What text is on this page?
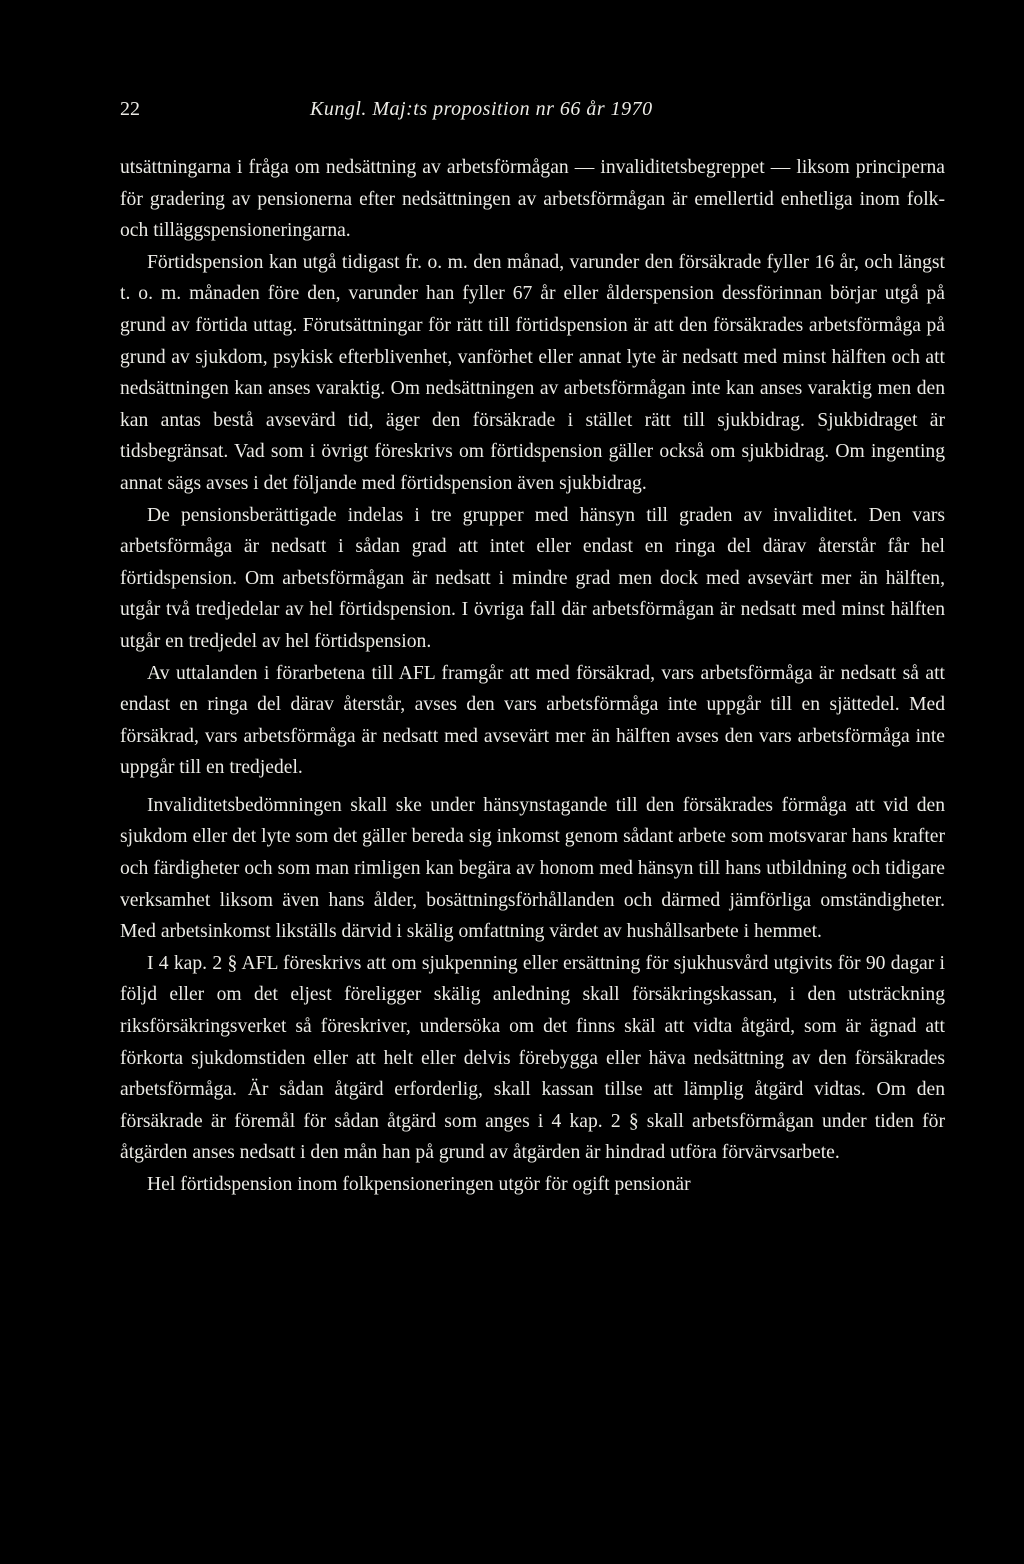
22	Kungl. Maj:ts proposition nr 66 år 1970

utsättningarna i fråga om nedsättning av arbetsförmågan — invaliditetsbegreppet — liksom principerna för gradering av pensionerna efter nedsättningen av arbetsförmågan är emellertid enhetliga inom folk- och tilläggspensioneringarna.

Förtidspension kan utgå tidigast fr. o. m. den månad, varunder den försäkrade fyller 16 år, och längst t. o. m. månaden före den, varunder han fyller 67 år eller ålderspension dessförinnan börjar utgå på grund av förtida uttag. Förutsättningar för rätt till förtidspension är att den försäkrades arbetsförmåga på grund av sjukdom, psykisk efterblivenhet, vanförhet eller annat lyte är nedsatt med minst hälften och att nedsättningen kan anses varaktig. Om nedsättningen av arbetsförmågan inte kan anses varaktig men den kan antas bestå avsevärd tid, äger den försäkrade i stället rätt till sjukbidrag. Sjukbidraget är tidsbegränsat. Vad som i övrigt föreskrivs om förtidspension gäller också om sjukbidrag. Om ingenting annat sägs avses i det följande med förtidspension även sjukbidrag.

De pensionsberättigade indelas i tre grupper med hänsyn till graden av invaliditet. Den vars arbetsförmåga är nedsatt i sådan grad att intet eller endast en ringa del därav återstår får hel förtidspension. Om arbetsförmågan är nedsatt i mindre grad men dock med avsevärt mer än hälften, utgår två tredjedelar av hel förtidspension. I övriga fall där arbetsförmågan är nedsatt med minst hälften utgår en tredjedel av hel förtidspension.

Av uttalanden i förarbetena till AFL framgår att med försäkrad, vars arbetsförmåga är nedsatt så att endast en ringa del därav återstår, avses den vars arbetsförmåga inte uppgår till en sjättedel. Med försäkrad, vars arbetsförmåga är nedsatt med avsevärt mer än hälften avses den vars arbetsförmåga inte uppgår till en tredjedel.

Invaliditetsbedömningen skall ske under hänsynstagande till den försäkrades förmåga att vid den sjukdom eller det lyte som det gäller bereda sig inkomst genom sådant arbete som motsvarar hans krafter och färdigheter och som man rimligen kan begära av honom med hänsyn till hans utbildning och tidigare verksamhet liksom även hans ålder, bosättningsförhållanden och därmed jämförliga omständigheter. Med arbetsinkomst likställs därvid i skälig omfattning värdet av hushållsarbete i hemmet.

I 4 kap. 2 § AFL föreskrivs att om sjukpenning eller ersättning för sjukhusvård utgivits för 90 dagar i följd eller om det eljest föreligger skälig anledning skall försäkringskassan, i den utsträckning riksförsäkringsverket så föreskriver, undersöka om det finns skäl att vidta åtgärd, som är ägnad att förkorta sjukdomstiden eller att helt eller delvis förebygga eller häva nedsättning av den försäkrades arbetsförmåga. Är sådan åtgärd erforderlig, skall kassan tillse att lämplig åtgärd vidtas. Om den försäkrade är föremål för sådan åtgärd som anges i 4 kap. 2 § skall arbetsförmågan under tiden för åtgärden anses nedsatt i den mån han på grund av åtgärden är hindrad utföra förvärvsarbete.

Hel förtidspension inom folkpensioneringen utgör för ogift pensionär
